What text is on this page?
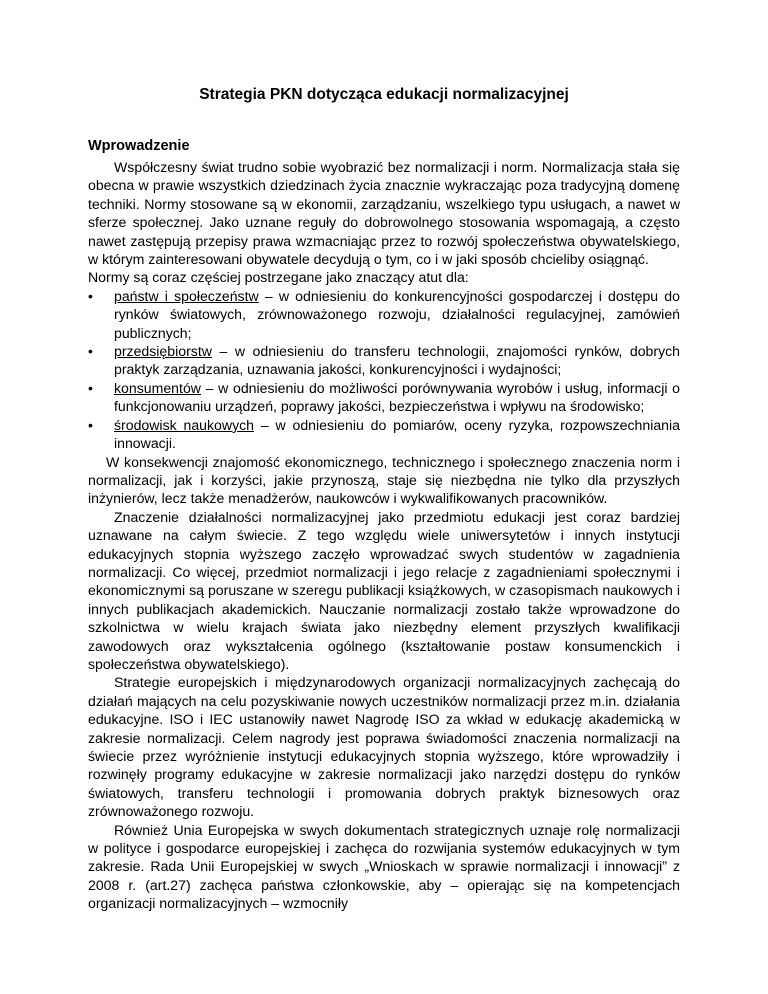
Strategia PKN dotycząca edukacji normalizacyjnej
Wprowadzenie

Współczesny świat trudno sobie wyobrazić bez normalizacji i norm. Normalizacja stała się obecna w prawie wszystkich dziedzinach życia znacznie wykraczając poza tradycyjną domenę techniki. Normy stosowane są w ekonomii, zarządzaniu, wszelkiego typu usługach, a nawet w sferze społecznej. Jako uznane reguły do dobrowolnego stosowania wspomagają, a często nawet zastępują przepisy prawa wzmacniając przez to rozwój społeczeństwa obywatelskiego, w którym zainteresowani obywatele decydują o tym, co i w jaki sposób chcieliby osiągnąć.

Normy są coraz częściej postrzegane jako znaczący atut dla:

• państw i społeczeństw – w odniesieniu do konkurencyjności gospodarczej i dostępu do rynków światowych, zrównoważonego rozwoju, działalności regulacyjnej, zamówień publicznych;
• przedsiębiorstw – w odniesieniu do transferu technologii, znajomości rynków, dobrych praktyk zarządzania, uznawania jakości, konkurencyjności i wydajności;
• konsumentów – w odniesieniu do możliwości porównywania wyrobów i usług, informacji o funkcjonowaniu urządzeń, poprawy jakości, bezpieczeństwa i wpływu na środowisko;
• środowisk naukowych – w odniesieniu do pomiarów, oceny ryzyka, rozpowszechniania innowacji.

W konsekwencji znajomość ekonomicznego, technicznego i społecznego znaczenia norm i normalizacji, jak i korzyści, jakie przynoszą, staje się niezbędna nie tylko dla przyszłych inżynierów, lecz także menadżerów, naukowców i wykwalifikowanych pracowników.

Znaczenie działalności normalizacyjnej jako przedmiotu edukacji jest coraz bardziej uznawane na całym świecie. Z tego względu wiele uniwersytetów i innych instytucji edukacyjnych stopnia wyższego zaczęło wprowadzać swych studentów w zagadnienia normalizacji. Co więcej, przedmiot normalizacji i jego relacje z zagadnieniami społecznymi i ekonomicznymi są poruszane w szeregu publikacji książkowych, w czasopismach naukowych i innych publikacjach akademickich. Nauczanie normalizacji zostało także wprowadzone do szkolnictwa w wielu krajach świata jako niezbędny element przyszłych kwalifikacji zawodowych oraz wykształcenia ogólnego (kształtowanie postaw konsumenckich i społeczeństwa obywatelskiego).

Strategie europejskich i międzynarodowych organizacji normalizacyjnych zachęcają do działań mających na celu pozyskiwanie nowych uczestników normalizacji przez m.in. działania edukacyjne. ISO i IEC ustanowiły nawet Nagrodę ISO za wkład w edukację akademicką w zakresie normalizacji. Celem nagrody jest poprawa świadomości znaczenia normalizacji na świecie przez wyróżnienie instytucji edukacyjnych stopnia wyższego, które wprowadziły i rozwinęły programy edukacyjne w zakresie normalizacji jako narzędzi dostępu do rynków światowych, transferu technologii i promowania dobrych praktyk biznesowych oraz zrównoważonego rozwoju.

Również Unia Europejska w swych dokumentach strategicznych uznaje rolę normalizacji w polityce i gospodarce europejskiej i zachęca do rozwijania systemów edukacyjnych w tym zakresie. Rada Unii Europejskiej w swych „Wnioskach w sprawie normalizacji i innowacji” z 2008 r. (art.27) zachęca państwa członkowskie, aby – opierając się na kompetencjach organizacji normalizacyjnych – wzmocniły
